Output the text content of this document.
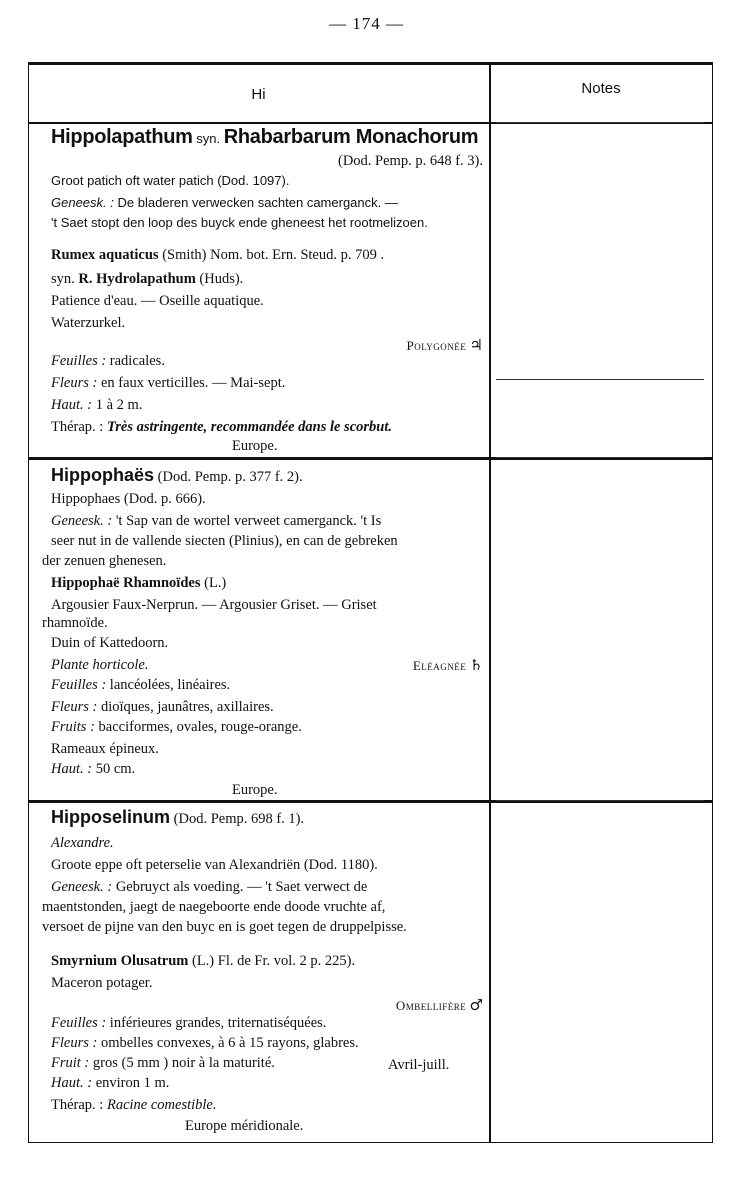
— 174 —
Hi	Notes
Hippolapathum syn. Rhabarbarum Monachorum
(Dod. Pemp. p. 648 f. 3).
Groot patich oft water patich (Dod. 1097).
Geneesk. : De bladeren verwecken sachten camerganck. —
't Saet stopt den loop des buyck ende gheneest het rootmelizoen.
Rumex aquaticus (Smith) Nom. bot. Ern. Steud. p. 709 .
syn. R. Hydrolapathum (Huds).
Patience d'eau. — Oseille aquatique.
Waterzurkel.
Polygonée ♃
Feuilles : radicales.
Fleurs : en faux verticilles. — Mai-sept.
Haut. : 1 à 2 m.
Thérap. : Très astringente, recommandée dans le scorbut.
Europe.
Hippophaës (Dod. Pemp. p. 377 f. 2).
Hippophaes (Dod. p. 666).
Geneesk. : 't Sap van de wortel verweet camerganck. 't Is
seer nut in de vallende siecten (Plinius), en can de gebreken
der zenuen ghenesen.
Hippophaë Rhamnoïdes (L.)
Argousier Faux-Nerprun. — Argousier Griset. — Griset
rhamnoïde.
Duin of Kattedoorn.
Plante horticole.	Eléagnée ♄
Feuilles : lancéolées, linéaires.
Fleurs : dioïques, jaunâtres, axillaires.
Fruits : bacciformes, ovales, rouge-orange.
Rameaux épineux.
Haut. : 50 cm.
Europe.
Hipposelinum (Dod. Pemp. 698 f. 1).
Alexandre.
Groote eppe oft peterselie van Alexandriën (Dod. 1180).
Geneesk. : Gebruyct als voeding. — 't Saet verwect de
maentstonden, jaegt de naegeboorte ende doode vruchte af,
versoet de pijne van den buyc en is goet tegen de druppelpisse.
Smyrnium Olusatrum (L.) Fl. de Fr. vol. 2 p. 225).
Maceron potager.
Ombellifère ♂
Feuilles : inférieures grandes, triternatiséquées.
Fleurs : ombelles convexes, à 6 à 15 rayons, glabres.
Fruit : gros (5 mm ) noir à la maturité.	Avril-juill.
Haut. : environ 1 m.
Thérap. : Racine comestible.
Europe méridionale.
